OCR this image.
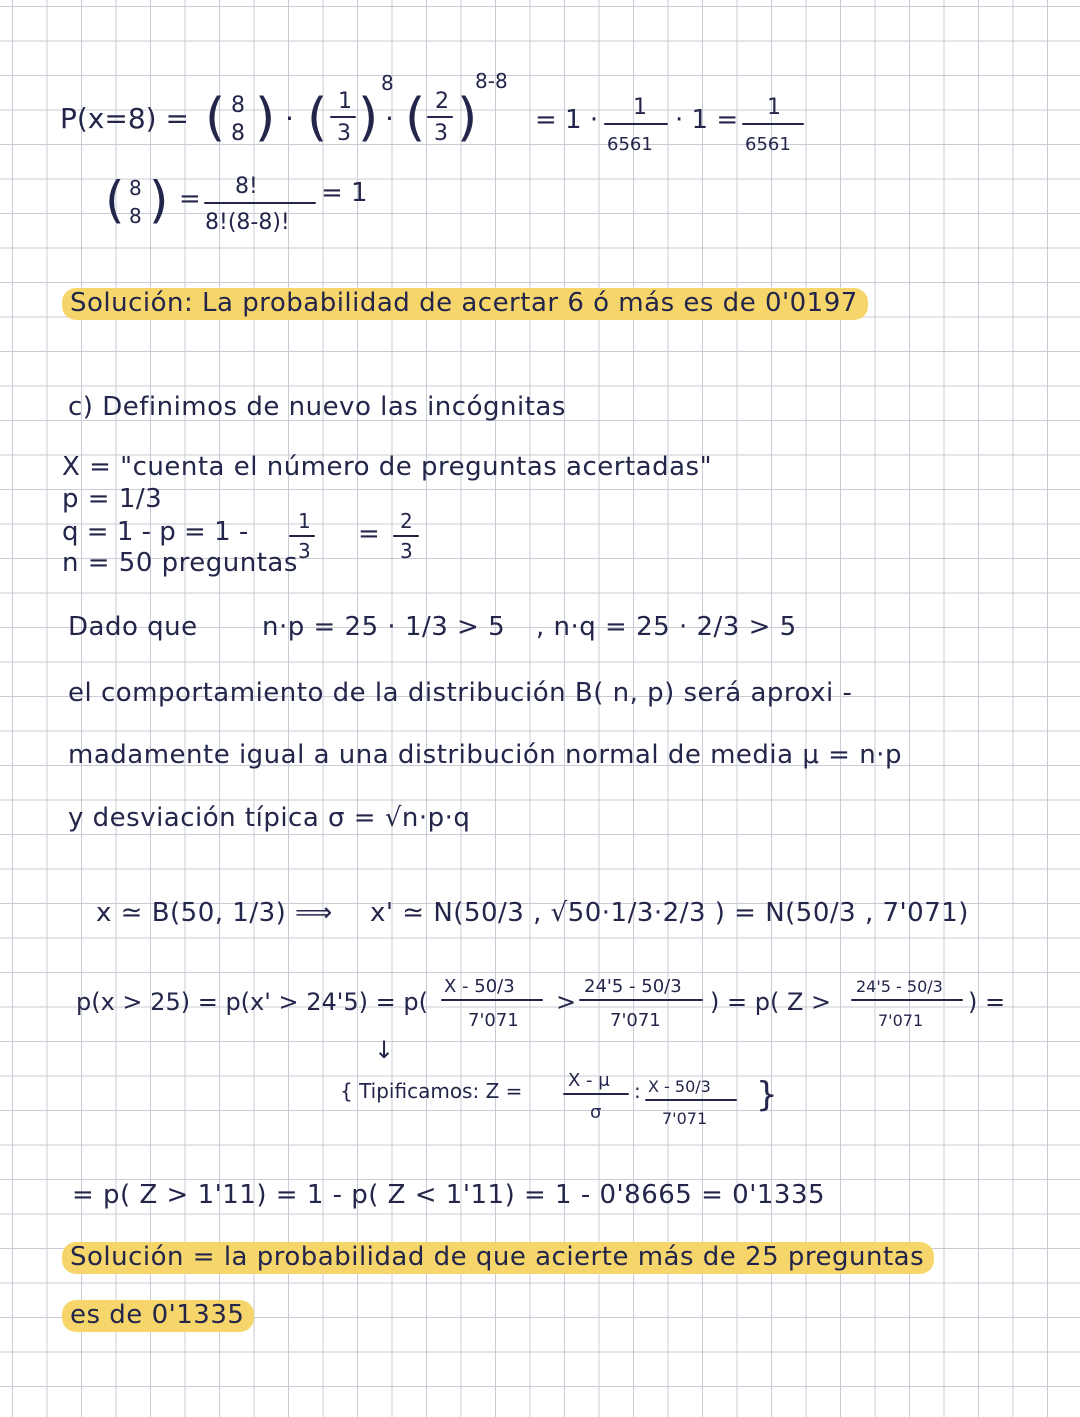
P(x=8) = ( 8
8 ) · ( 1
3 )
8
· ( 2
3 )
8-8
= 1 · 1
6561
· 1 = 1
6561
( 8
8 ) = 8!
8!(8-8)!
= 1
Solución: La probabilidad de acertar 6 ó más es de 0'0197
c) Definimos de nuevo las incógnitas
X = "cuenta el número de preguntas acertadas"
p = 1/3
q = 1 - p = 1 - 1
3
= 2
3
n = 50 preguntas
Dado que n·p = 25 · 1/3 > 5 , n·q = 25 · 2/3 > 5
el comportamiento de la distribución B( n, p) será aproxi -
madamente igual a una distribución normal de media μ = n·p
y desviación típica σ = √n·p·q
x ≃ B(50, 1/3) ⟹ x' ≃ N(50/3 , √50·1/3·2/3 ) = N(50/3 , 7'071)
p(x > 25) = p(x' > 24'5) = p(
X - 50/3
7'071
>
24'5 - 50/3
7'071
) = p( Z >
24'5 - 50/3
7'071
) =
↓
{ Tipificamos: Z =	X - μ
σ
: X - 50/3
7'071
}
= p( Z > 1'11) = 1 - p( Z < 1'11) = 1 - 0'8665 = 0'1335
Solución = la probabilidad de que acierte más de 25 preguntas
es de 0'1335
